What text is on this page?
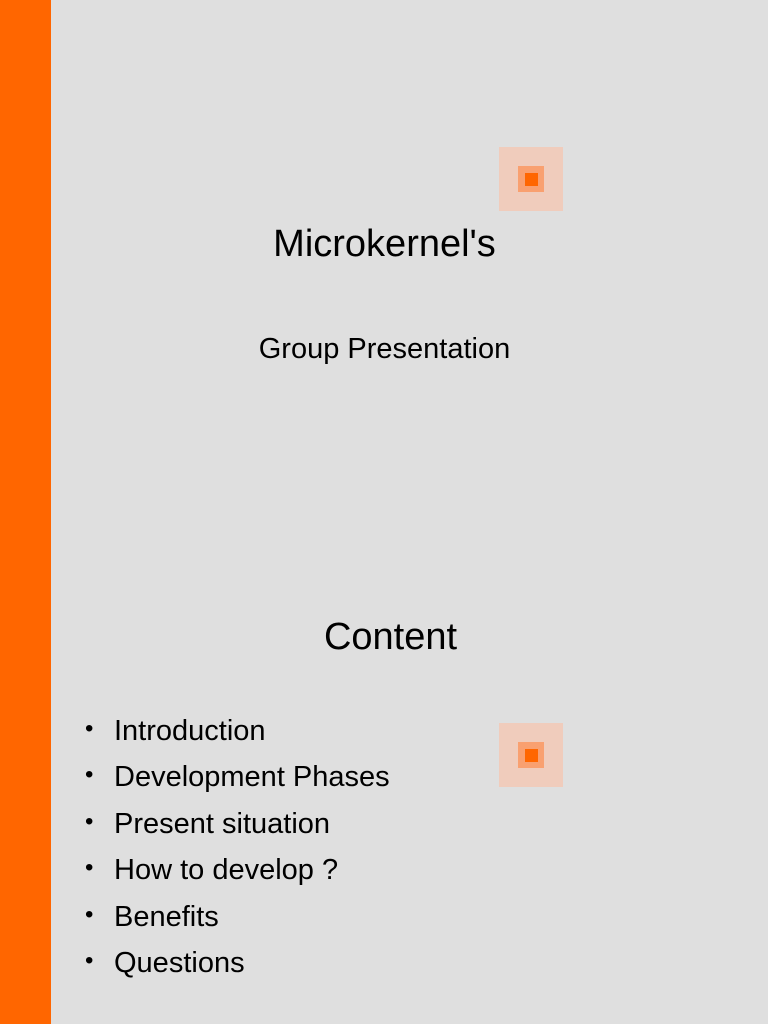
Microkernel's

Group Presentation

Content
• Introduction
• Development Phases
• Present situation
• How to develop ?
• Benefits
• Questions
